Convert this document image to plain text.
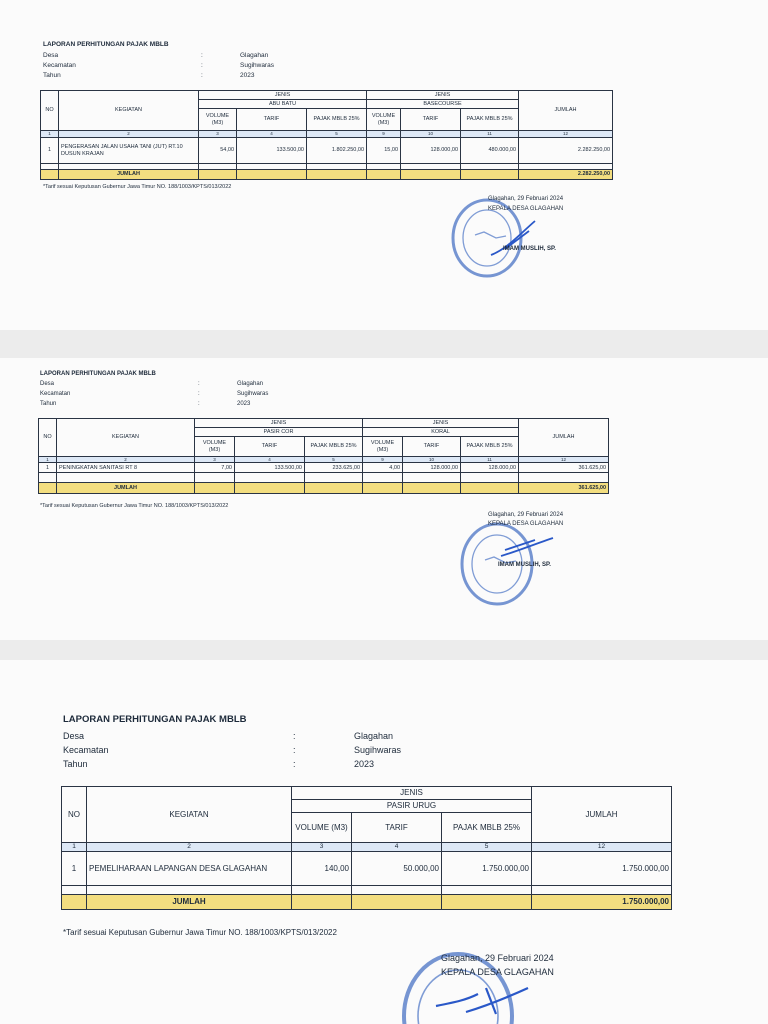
LAPORAN PERHITUNGAN PAJAK MBLB
Desa	:	Glagahan
Kecamatan	:	Sugihwaras
Tahun	:	2023
NO	KEGIATAN	JENIS			JENIS			JUMLAH
		ABU BATU			BASECOURSE			
		VOLUME (M3)	TARIF	PAJAK MBLB 25%	VOLUME (M3)	TARIF	PAJAK MBLB 25%	
1	2	3	4	5	9	10	11	12
1	PENGERASAN JALAN USAHA TANI (JUT) RT.10 DUSUN KRAJAN	54,00	133.500,00	1.802.250,00	15,00	128.000,00	480.000,00	2.282.250,00

	JUMLAH							2.282.250,00
*Tarif sesuai Keputusan Gubernur Jawa Timur NO. 188/1003/KPTS/013/2022
Glagahan, 29 Februari 2024
KEPALA DESA GLAGAHAN
IMAM MUSLIH, SP.
LAPORAN PERHITUNGAN PAJAK MBLB
Desa	:	Glagahan
Kecamatan	:	Sugihwaras
Tahun	:	2023
NO	KEGIATAN	JENIS			JENIS			JUMLAH
		PASIR COR			KORAL			
		VOLUME (M3)	TARIF	PAJAK MBLB 25%	VOLUME (M3)	TARIF	PAJAK MBLB 25%	
1	2	3	4	5	9	10	11	12
1	PENINGKATAN SANITASI RT 8	7,00	133.500,00	233.625,00	4,00	128.000,00	128.000,00	361.625,00

	JUMLAH							361.625,00
*Tarif sesuai Keputusan Gubernur Jawa Timur NO. 188/1003/KPTS/013/2022
Glagahan, 29 Februari 2024
KEPALA DESA GLAGAHAN
IMAM MUSLIH, SP.
LAPORAN PERHITUNGAN PAJAK MBLB
Desa	:	Glagahan
Kecamatan	:	Sugihwaras
Tahun	:	2023
NO	KEGIATAN	JENIS			JUMLAH
		PASIR URUG			
		VOLUME (M3)	TARIF	PAJAK MBLB 25%	
1	2	3	4	5	12
1	PEMELIHARAAN LAPANGAN DESA GLAGAHAN	140,00	50.000,00	1.750.000,00	1.750.000,00

	JUMLAH				1.750.000,00
*Tarif sesuai Keputusan Gubernur Jawa Timur NO. 188/1003/KPTS/013/2022
Glagahan, 29 Februari 2024
KEPALA DESA GLAGAHAN
